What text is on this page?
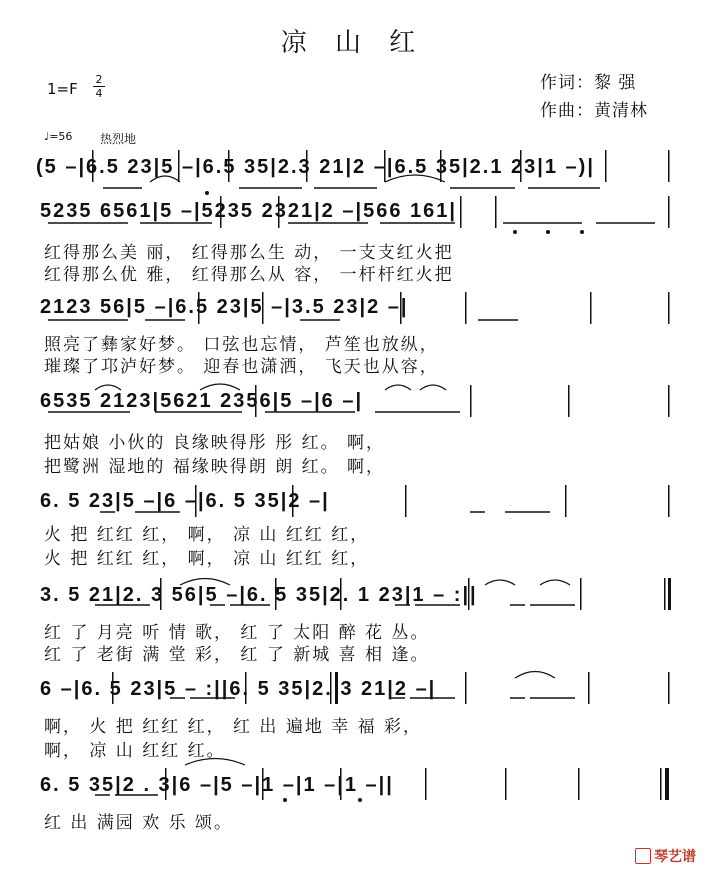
凉 山 红
1=F
2
4
作词：黎 强
作曲：黄清林
♩=56 热烈地
(5 –|6.5 23|5 –|6.5 35|2.3 21|2 –|6.5 35|2.1 23|1 –)|
5235 6561|5 –|5235 2321|2 –|566 161|
红得那么美 丽， 红得那么生 动， 一支支红火把
红得那么优 雅， 红得那么从 容， 一杆杆红火把
2123 56|5 –|6.5 23|5 –|3.5 23|2 –|
照亮了彝家好梦。 口弦也忘情， 芦笙也放纵，
璀璨了邛泸好梦。 迎春也潇洒， 飞天也从容，
6535 2123|5621 2356|5 –|6 –|
把姑娘 小伙的 良缘映得彤 彤 红。 啊，
把鹭洲 湿地的 福缘映得朗 朗 红。 啊，
6. 5 23|5 –|6 –|6. 5 35|2 –|
火 把 红红 红， 啊， 凉 山 红红 红，
火 把 红红 红， 啊， 凉 山 红红 红，
3. 5 21|2. 3 56|5 –|6. 5 35|2. 1 23|1 – :||
红 了 月亮 听 情 歌， 红 了 太阳 醉 花 丛。
红 了 老街 满 堂 彩， 红 了 新城 喜 相 逢。
6 –|6. 5 23|5 – :||6. 5 35|2. 3 21|2 –|
啊， 火 把 红红 红， 红 出 遍地 幸 福 彩，
啊， 凉 山 红红 红。
6. 5 35|2 . 3|6 –|5 –|1 –|1 –|1 –||
红 出 满园 欢 乐 颂。
琴艺谱
